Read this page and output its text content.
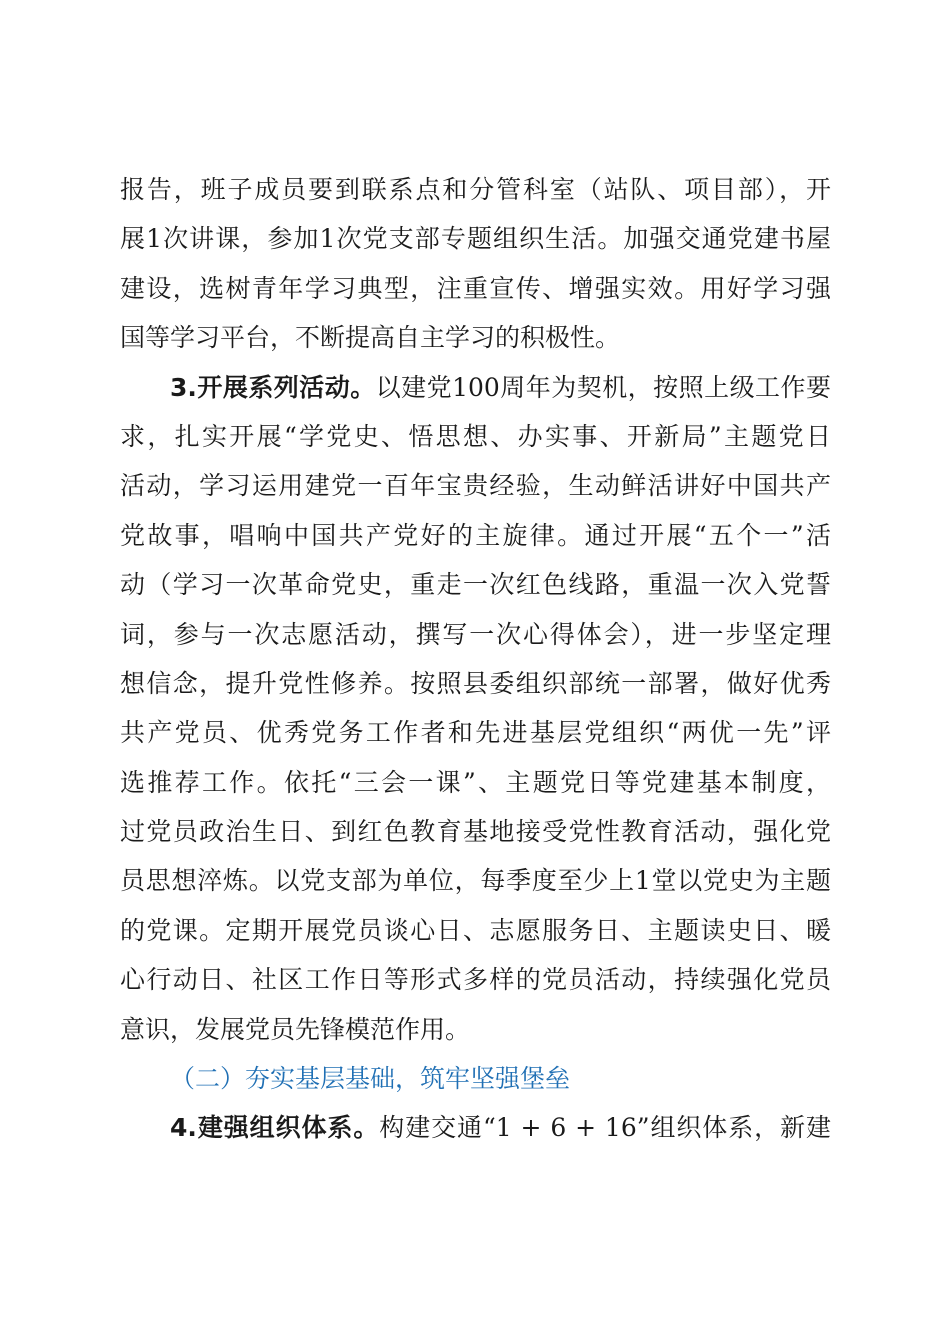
报告，班子成员要到联系点和分管科室（站队、项目部），开
展1次讲课，参加1次党支部专题组织生活。加强交通党建书屋
建设，选树青年学习典型，注重宣传、增强实效。用好学习强
国等学习平台，不断提高自主学习的积极性。
3.开展系列活动。以建党100周年为契机，按照上级工作要
求，扎实开展“学党史、悟思想、办实事、开新局”主题党日
活动，学习运用建党一百年宝贵经验，生动鲜活讲好中国共产
党故事，唱响中国共产党好的主旋律。通过开展“五个一”活
动（学习一次革命党史，重走一次红色线路，重温一次入党誓
词，参与一次志愿活动，撰写一次心得体会），进一步坚定理
想信念，提升党性修养。按照县委组织部统一部署，做好优秀
共产党员、优秀党务工作者和先进基层党组织“两优一先”评
选推荐工作。依托“三会一课”、主题党日等党建基本制度，
过党员政治生日、到红色教育基地接受党性教育活动，强化党
员思想淬炼。以党支部为单位，每季度至少上1堂以党史为主题
的党课。定期开展党员谈心日、志愿服务日、主题读史日、暖
心行动日、社区工作日等形式多样的党员活动，持续强化党员
意识，发展党员先锋模范作用。
（二）夯实基层基础，筑牢坚强堡垒
4.建强组织体系。构建交通“1 + 6 + 16”组织体系，新建
